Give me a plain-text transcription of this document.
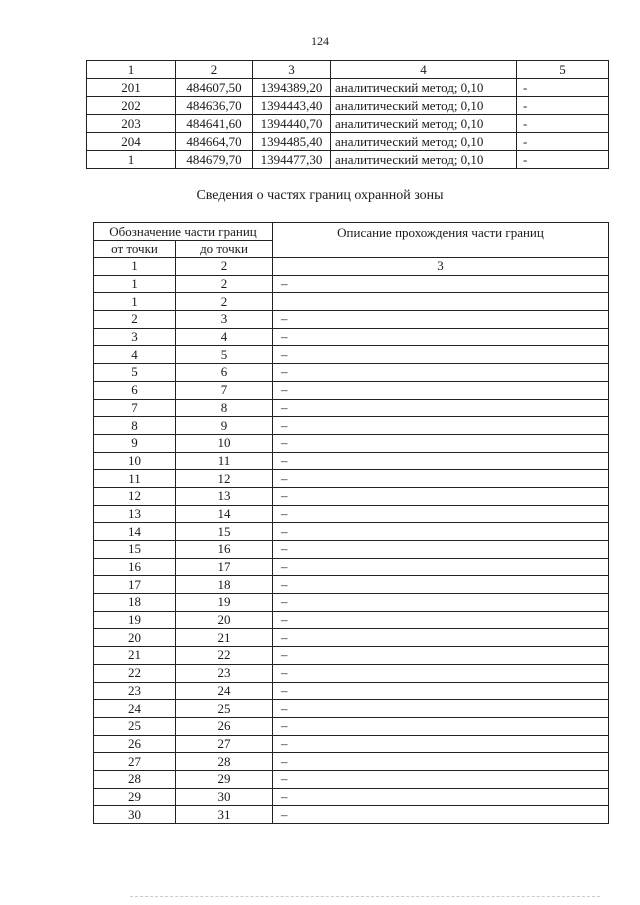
124
1	2	3	4	5
201	484607,50	1394389,20	аналитический метод; 0,10	-
202	484636,70	1394443,40	аналитический метод; 0,10	-
203	484641,60	1394440,70	аналитический метод; 0,10	-
204	484664,70	1394485,40	аналитический метод; 0,10	-
1	484679,70	1394477,30	аналитический метод; 0,10	-
Сведения о частях границ охранной зоны
Обозначение части границ		Описание прохождения части границ
от точки	до точки	
1	2	3
1	2	–
1	2	
2	3	–
3	4	–
4	5	–
5	6	–
6	7	–
7	8	–
8	9	–
9	10	–
10	11	–
11	12	–
12	13	–
13	14	–
14	15	–
15	16	–
16	17	–
17	18	–
18	19	–
19	20	–
20	21	–
21	22	–
22	23	–
23	24	–
24	25	–
25	26	–
26	27	–
27	28	–
28	29	–
29	30	–
30	31	–
